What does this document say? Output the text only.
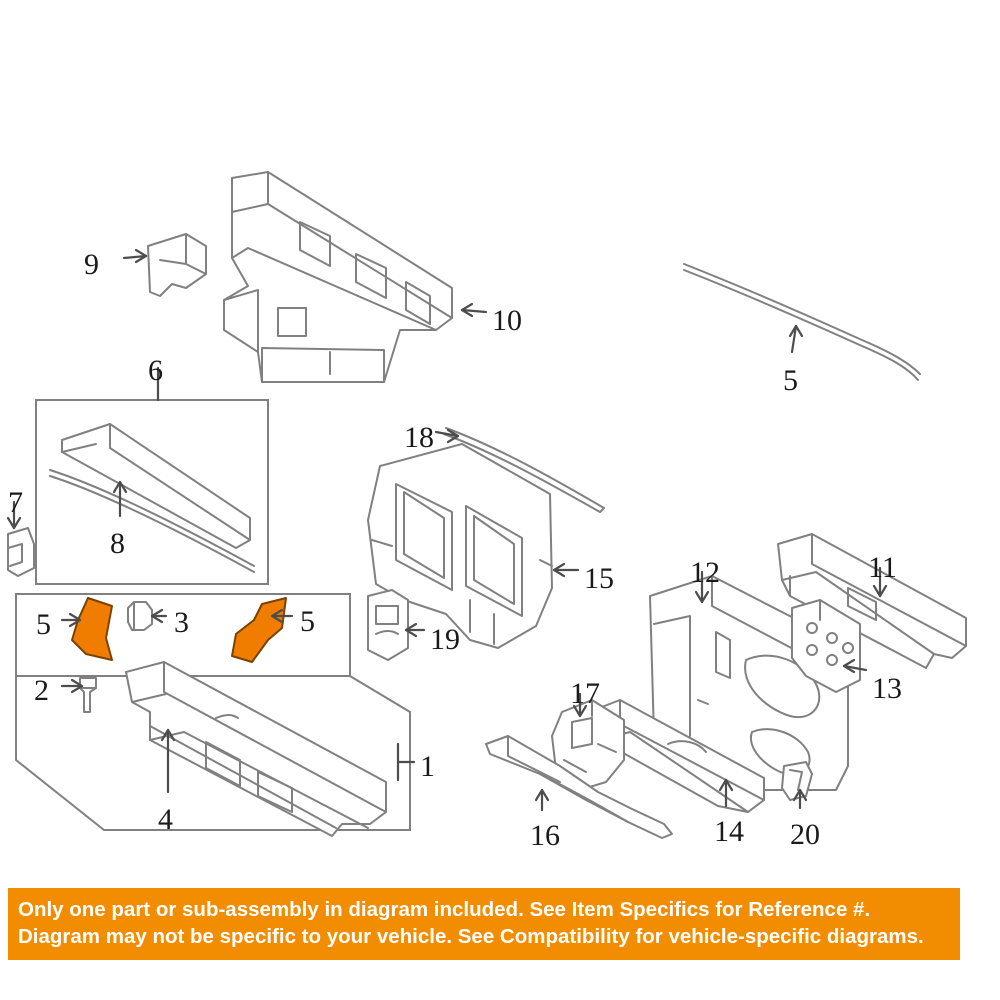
9
10
5
6
7
8
18
15	12	11
13
5	5
3
2
4
1
19
17
14
16	20
Only one part or sub-assembly in diagram included. See Item Specifics for Reference #.
Diagram may not be specific to your vehicle. See Compatibility for vehicle-specific diagrams.
